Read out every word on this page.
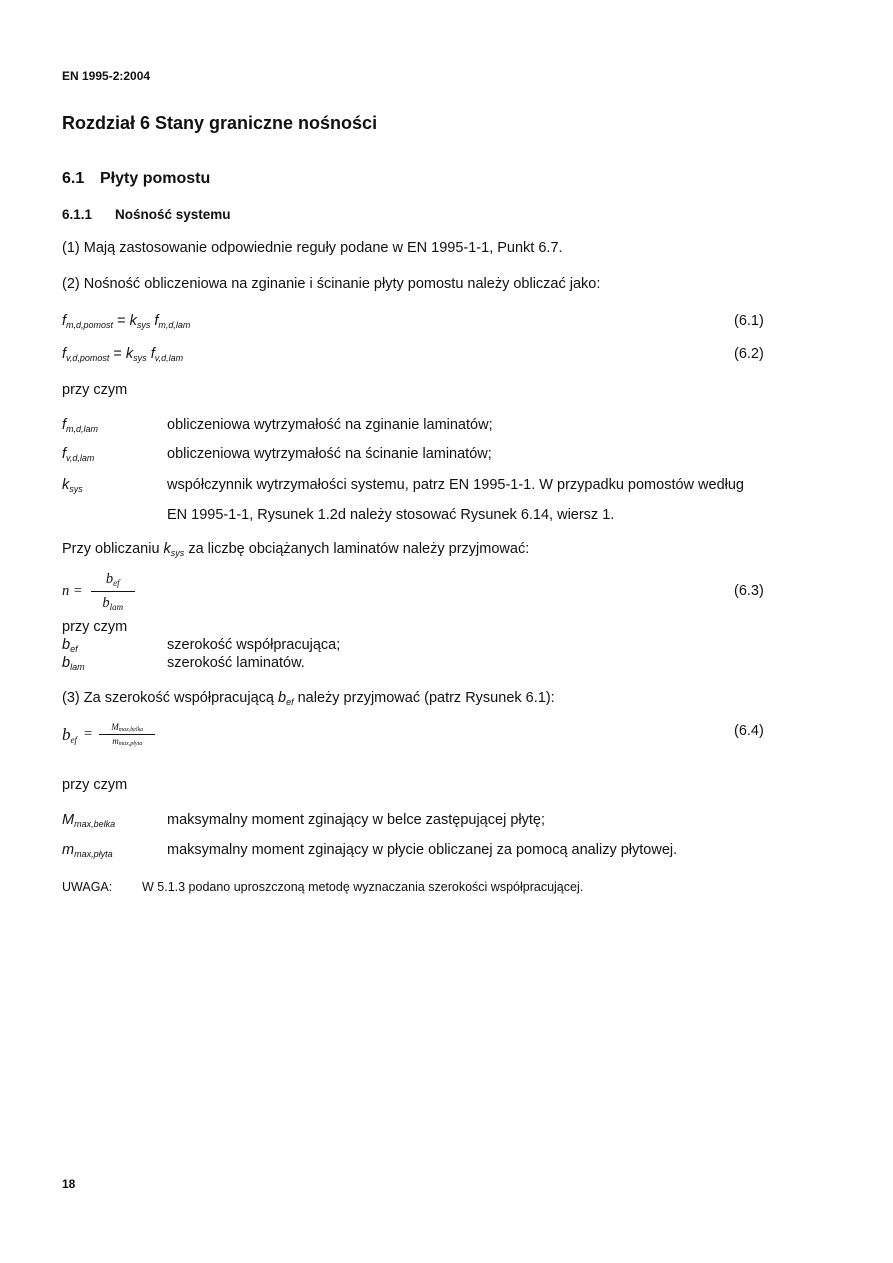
EN 1995-2:2004
Rozdział 6 Stany graniczne nośności
6.1 Płyty pomostu
6.1.1 Nośność systemu
(1) Mają zastosowanie odpowiednie reguły podane w EN 1995-1-1, Punkt 6.7.
(2) Nośność obliczeniowa na zginanie i ścinanie płyty pomostu należy obliczać jako:
$f_{m,d,pomost} = k_{sys}$ $f_{m,d,lam}$	(6.1)
$f_{v,d,pomost} = k_{sys}$ $f_{v,d,lam}$	(6.2)
przy czym
$f_{m,d,lam}$	obliczeniowa wytrzymałość na zginanie laminatów;
$f_{v,d,lam}$	obliczeniowa wytrzymałość na ścinanie laminatów;
$k_{sys}$	współczynnik wytrzymałości systemu, patrz EN 1995-1-1. W przypadku pomostów według
EN 1995-1-1, Rysunek 1.2d należy stosować Rysunek 6.14, wiersz 1.
Przy obliczaniu $k_{sys}$ za liczbę obciążanych laminatów należy przyjmować:
$n = \frac{b_{ef}}{b_{lam}}$	(6.3)
przy czym
$b_{ef}$	szerokość współpracująca;
$b_{lam}$	szerokość laminatów.
(3) Za szerokość współpracującą $b_{ef}$ należy przyjmować (patrz Rysunek 6.1):
$b_{ef} = \frac{M_{max,belka}}{m_{max,płyta}}$	(6.4)
przy czym
$M_{max,belka}$	maksymalny moment zginający w belce zastępującej płytę;
$m_{max,płyta}$	maksymalny moment zginający w płycie obliczanej za pomocą analizy płytowej.
UWAGA: W 5.1.3 podano uproszczoną metodę wyznaczania szerokości współpracującej.
18
